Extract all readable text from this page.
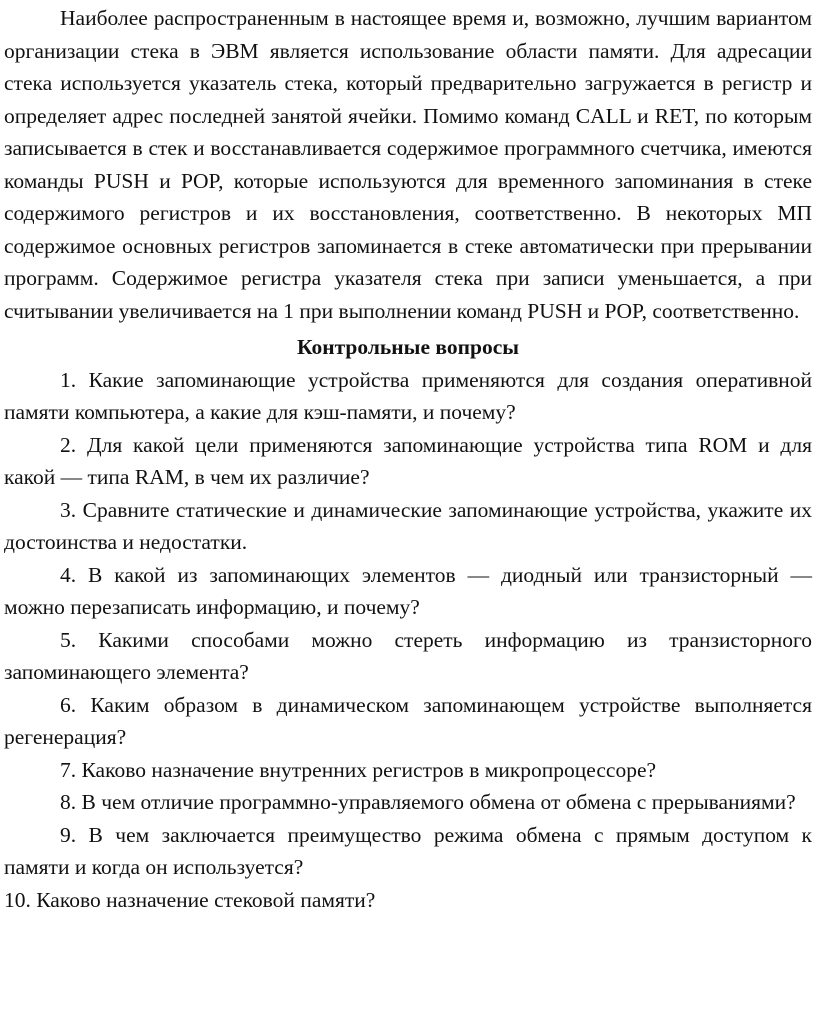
Наиболее распространенным в настоящее время и, возможно, лучшим вариантом организации стека в ЭВМ является использование области памяти. Для адресации стека используется указатель стека, который предварительно загружается в регистр и определяет адрес последней занятой ячейки. Помимо команд CALL и RET, по которым записывается в стек и восстанавливается содержимое программного счетчика, имеются команды PUSH и POP, которые используются для временного запоминания в стеке содержимого регистров и их восстановления, соответственно. В некоторых МП содержимое основных регистров запоминается в стеке автоматически при прерывании программ. Содержимое регистра указателя стека при записи уменьшается, а при считывании увеличивается на 1 при выполнении команд PUSH и POP, соответственно.

Контрольные вопросы

1. Какие запоминающие устройства применяются для создания оперативной памяти компьютера, а какие для кэш-памяти, и почему?

2. Для какой цели применяются запоминающие устройства типа ROM и для какой — типа RAM, в чем их различие?

3. Сравните статические и динамические запоминающие устройства, укажите их достоинства и недостатки.

4. В какой из запоминающих элементов — диодный или транзисторный — можно перезаписать информацию, и почему?

5. Какими способами можно стереть информацию из транзисторного запоминающего элемента?

6. Каким образом в динамическом запоминающем устройстве выполняется регенерация?

7. Каково назначение внутренних регистров в микропроцессоре?

8. В чем отличие программно-управляемого обмена от обмена с прерываниями?

9. В чем заключается преимущество режима обмена с прямым доступом к памяти и когда он используется?

10. Каково назначение стековой памяти?
